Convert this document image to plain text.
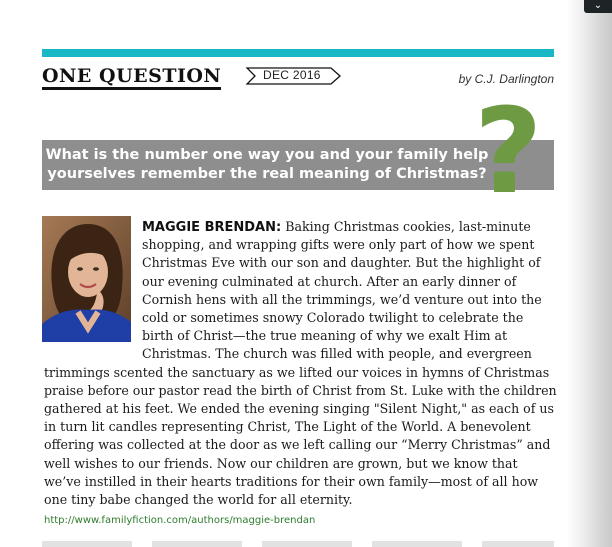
⌄
ONE QUESTION	DEC 2016	by C.J. Darlington
What is the number one way you and your family help yourselves remember the real meaning of Christmas?
?
MAGGIE BRENDAN: Baking Christmas cookies, last-minute shopping, and wrapping gifts were only part of how we spent Christmas Eve with our son and daughter. But the highlight of our evening culminated at church. After an early dinner of Cornish hens with all the trimmings, we’d venture out into the cold or sometimes snowy Colorado twilight to celebrate the birth of Christ—the true meaning of why we exalt Him at Christmas. The church was filled with people, and evergreen trimmings scented the sanctuary as we lifted our voices in hymns of Christmas praise before our pastor read the birth of Christ from St. Luke with the children gathered at his feet. We ended the evening singing "Silent Night," as each of us in turn lit candles representing Christ, The Light of the World. A benevolent offering was collected at the door as we left calling our “Merry Christmas” and well wishes to our friends. Now our children are grown, but we know that we’ve instilled in their hearts traditions for their own family—most of all how one tiny babe changed the world for all eternity.
http://www.familyfiction.com/authors/maggie-brendan
